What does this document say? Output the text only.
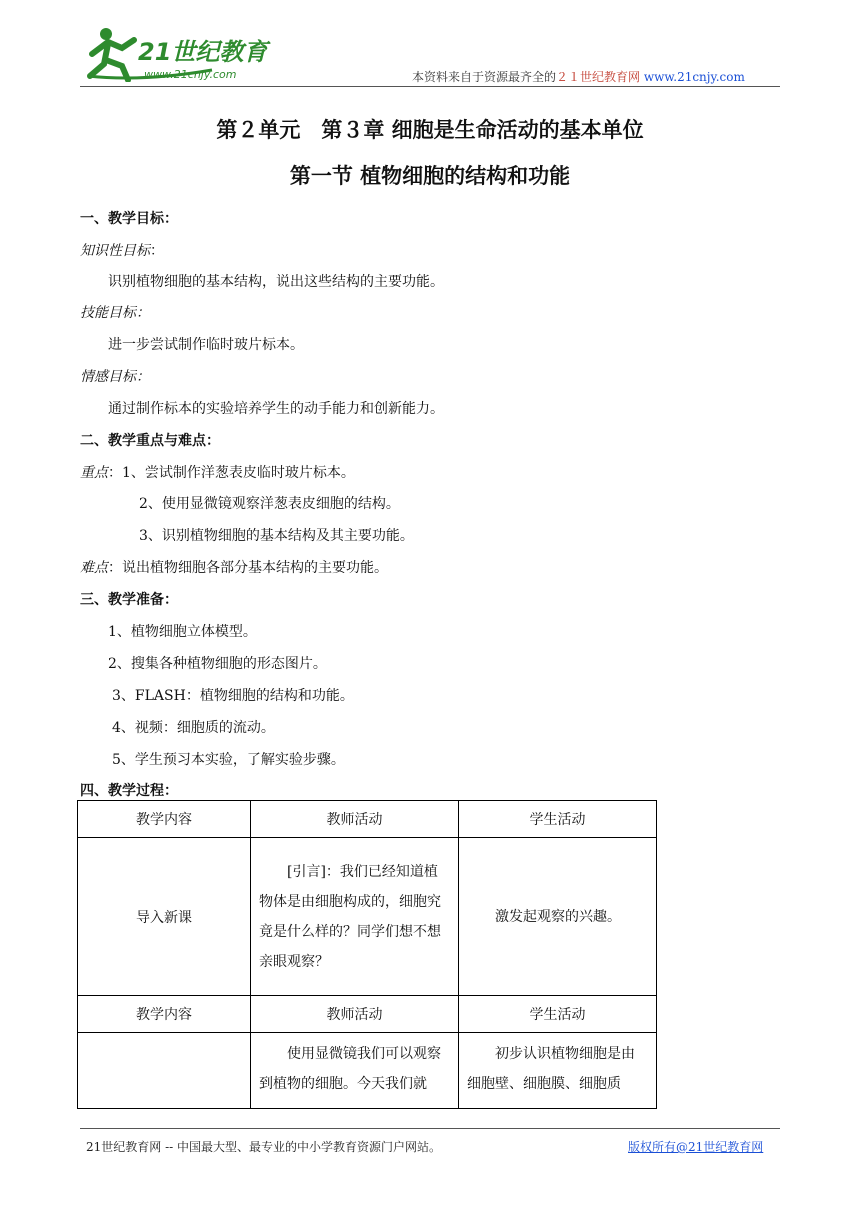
21世纪教育
www.21cnjy.com	本资料来自于资源最齐全的２１世纪教育网 www.21cnjy.com
第２单元　第３章 细胞是生命活动的基本单位
第一节 植物细胞的结构和功能
一、教学目标：
知识性目标：
识别植物细胞的基本结构，说出这些结构的主要功能。
技能目标：
进一步尝试制作临时玻片标本。
情感目标：
通过制作标本的实验培养学生的动手能力和创新能力。
二、教学重点与难点：
重点：1、尝试制作洋葱表皮临时玻片标本。
2、使用显微镜观察洋葱表皮细胞的结构。
3、识别植物细胞的基本结构及其主要功能。
难点：说出植物细胞各部分基本结构的主要功能。
三、教学准备：
1、植物细胞立体模型。
2、搜集各种植物细胞的形态图片。
3、FLASH：植物细胞的结构和功能。
4、视频：细胞质的流动。
5、学生预习本实验，了解实验步骤。
四、教学过程：
教学内容	教师活动	学生活动
导入新课	[引言]：我们已经知道植物体是由细胞构成的，细胞究竟是什么样的？同学们想不想亲眼观察？	激发起观察的兴趣。

教学内容	教师活动	学生活动

	使用显微镜我们可以观察到植物的细胞。今天我们就	初步认识植物细胞是由细胞壁、细胞膜、细胞质
21世纪教育网 -- 中国最大型、最专业的中小学教育资源门户网站。	版权所有@21世纪教育网
